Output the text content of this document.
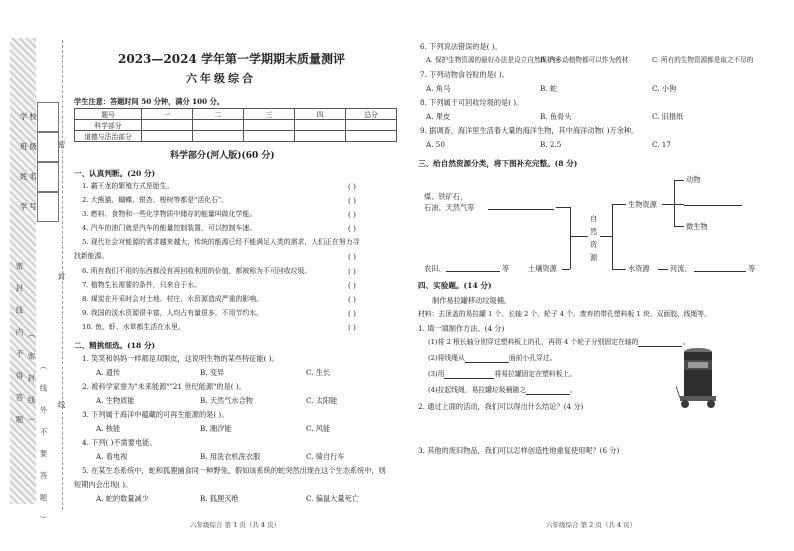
学 校
班 级
姓 名
学 号
密
封
线
密 封 线 内 不 得 答 题 （ 密 封 线 ） （ 线 外 不 要 答 题 ）
2023—2024 学年第一学期期末质量测评
六年级综合
学生注意：答题时间 50 分钟，满分 100 分。
题号	一	二	三	四	总分
科学部分					
道德与法治部分					
科学部分(河人版)(60 分)
一、认真判断。(20 分)
1. 霸王龙的繁殖方式是胎生。	( )
2. 大熊猫、蝴蝶、银杏、梭树等都是"活化石"。	( )
3. 燃料、食物和一些化学物质中储存的能量叫做化学能。	( )
4. 汽车的油门就是汽车的能量控制装置，可以控制车速。	( )
5. 现代社会对能源的需求越来越大，传统的能源已经不能满足人类的需求，人们正在努力寻
6. 所有我们不用的东西都没有再回收利用的价值，都被称为不可回收垃圾。	( )
7. 植物生长需要的条件，只来自于水。	( )
8. 煤炭在开采时会对土地、村庄、水资源造成严重的影响。	( )
9. 我国的淡水资源很丰富，人均占有量很多，不用节约水。	( )
10. 鱼、虾、水草都生活在水里。	( )
找新能源。	( )
二、精挑细选。(18 分)
1. 笑笑和妈妈一样都是双眼皮，这说明生物的某些特征能( )。
A. 遗传	B. 变异	C. 生长
2. 被科学家誉为"未来能源""21 世纪能源"的是( )。
A. 生物质能	B. 天然气水合物	C. 太阳能
3. 下列属于海洋中蕴藏的可再生能源的是( )。
A. 核能	B. 潮汐能	C. 风能
4. 下列( )不需要电能。
A. 看电视	B. 用洗衣机洗衣服	C. 骑自行车
5. 在某生态系统中，蛇和狐狸捕食同一种野兔，假如该系统的蛇突然出现在这个生态系统中，则
短期内会出现( )。
A. 蛇的数量减少	B. 狐狸灭绝	C. 偏鼠大量死亡
六年级综合 第 1 页（共 4 页）
6. 下列说法错误的是( )。
A. 保护生物资源的最好办法是设立自然保护区
B. 许多动植物都可以作为药材	C. 所有的生物资源都是取之不尽的
7. 下列动物食谷粒的是( )。
A. 角马	B. 蛇	C. 小狗
8. 下列属于可回收垃圾的是( )。
A. 果皮	B. 鱼骨头	C. 旧报纸
9. 据调查，海洋里生活着大量的海洋生物，其中海洋动物( )万余种。
A. 50	B. 2.5	C. 17
三、给自然资源分类，将下图补充完整。(8 分)
煤、铁矿石、
石油、天然气等
自
然
资
源
生物资源
动物
微生物
农田、	等	土壤资源	水资源	河流、	等
四、实验题。(14 分)
制作易拉罐移动垃圾桶。
材料：去顶盖的易拉罐 1 个、长轴 2 个、轮子 4 个、废弃的带孔塑料板 1 块、双面胶、线绳等。
1. 填一填制作方法。(4 分)
(1)将 2 根长轴分别穿过塑料板上的孔，再将 4 个轮子分别固定在轴的	。
(2)将线绳从	面前小孔穿过。
(3)用	将易拉罐固定在塑料板上。
(4)拉起线绳，易拉罐垃圾桶随之	。
2. 通过上面的活动，我们可以得出什么结论？(4 分)
3. 其他的废旧物品，我们可以怎样创造性地重复使用呢？(6 分)
六年级综合 第 2 页（共 4 页）
